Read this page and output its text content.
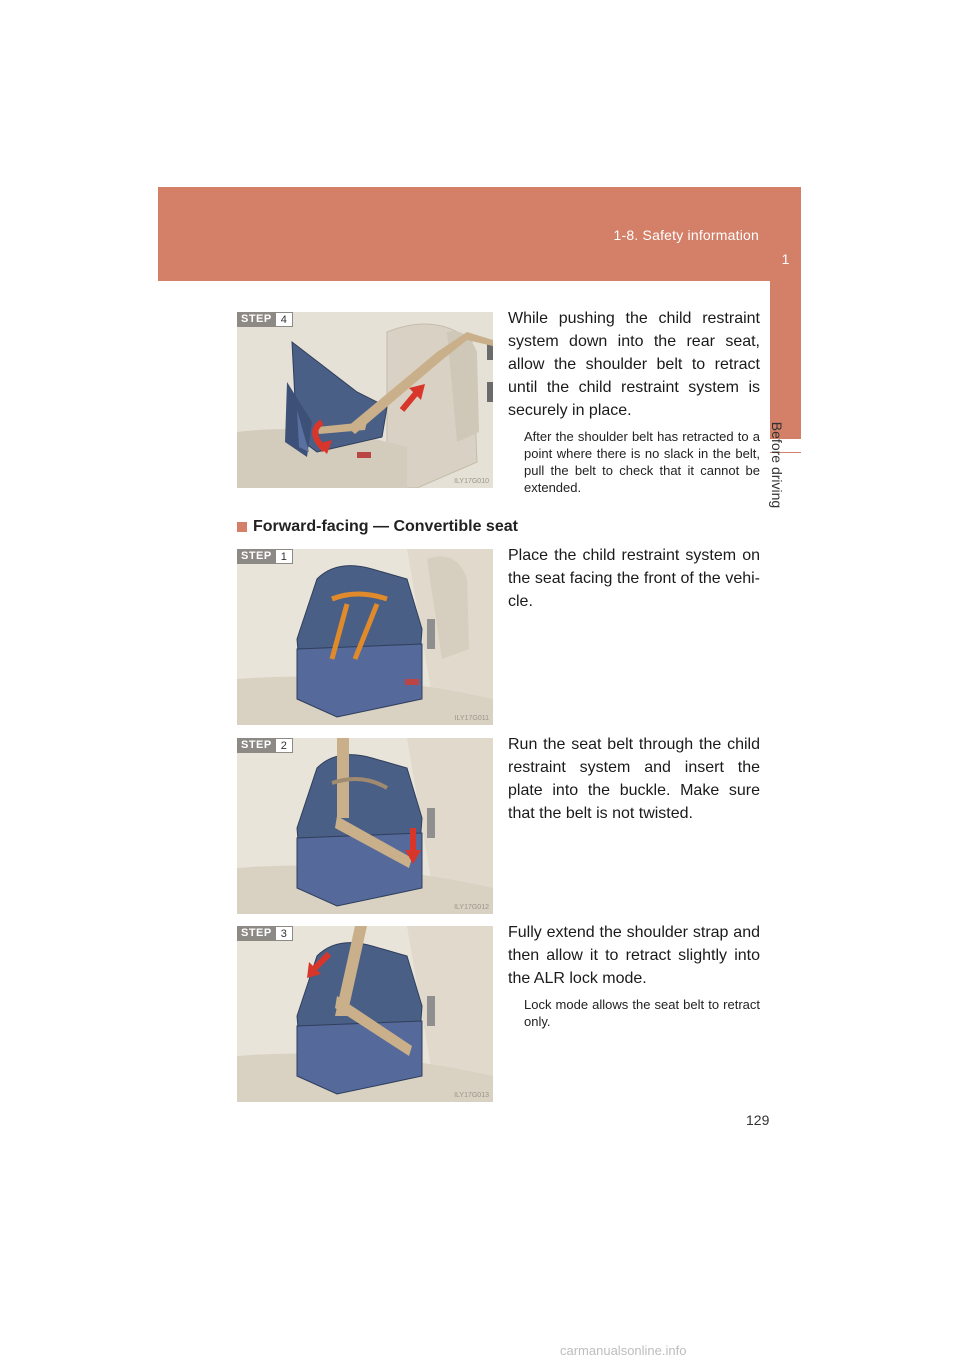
1-8. Safety information
1
Before driving
STEP 4
ILY17G010

While pushing the child restraint system down into the rear seat, allow the shoulder belt to retract until the child restraint system is securely in place.

After the shoulder belt has retracted to a point where there is no slack in the belt, pull the belt to check that it cannot be extended.

Forward-facing — Convertible seat
STEP 1
ILY17G011

Place the child restraint system on the seat facing the front of the vehi-cle.

STEP 2
ILY17G012

Run the seat belt through the child restraint system and insert the plate into the buckle. Make sure that the belt is not twisted.

STEP 3
ILY17G013

Fully extend the shoulder strap and then allow it to retract slightly into the ALR lock mode.

Lock mode allows the seat belt to retract only.

129
carmanualsonline.info
